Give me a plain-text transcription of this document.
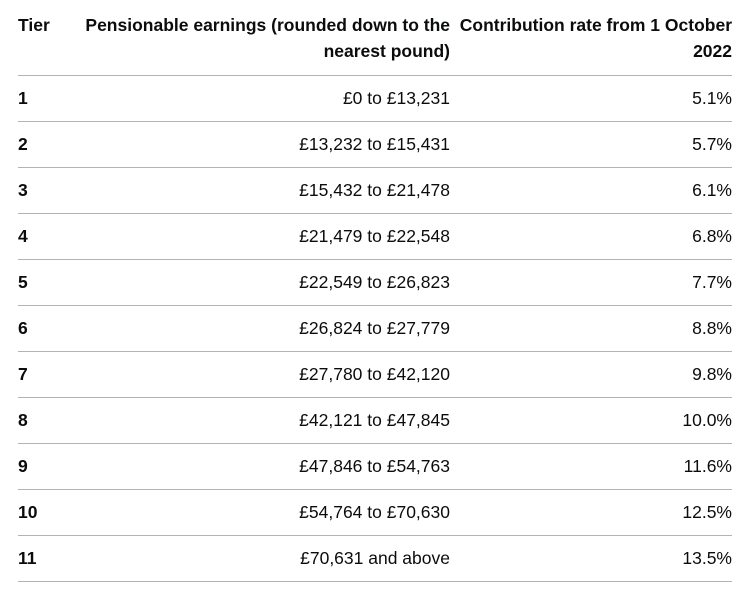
Tier	Pensionable earnings (rounded down to the nearest pound)	Contribution rate from 1 October 2022
1	£0 to £13,231	5.1%
2	£13,232 to £15,431	5.7%
3	£15,432 to £21,478	6.1%
4	£21,479 to £22,548	6.8%
5	£22,549 to £26,823	7.7%
6	£26,824 to £27,779	8.8%
7	£27,780 to £42,120	9.8%
8	£42,121 to £47,845	10.0%
9	£47,846 to £54,763	11.6%
10	£54,764 to £70,630	12.5%
11	£70,631 and above	13.5%
